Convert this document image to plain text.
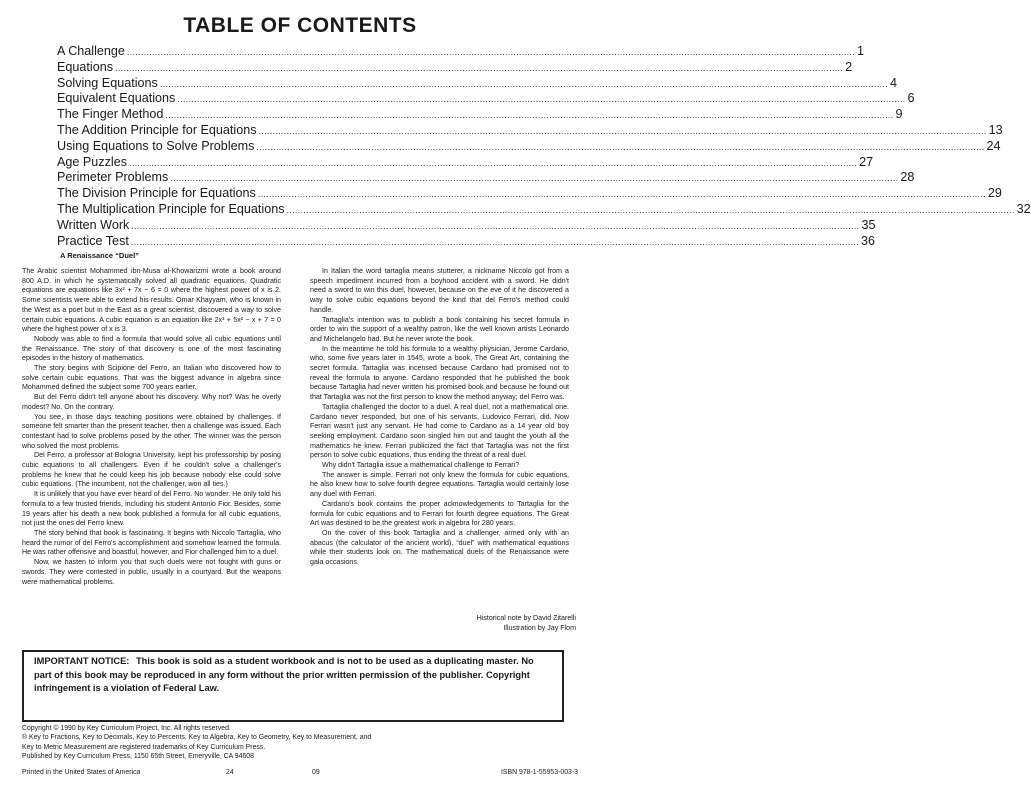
TABLE OF CONTENTS
A Challenge .................................................................................................................................................................................................................................................................... 1
Equations .................................................................................................................................................................................................................................................................... 2
Solving Equations .................................................................................................................................................................................................................................................................... 4
Equivalent Equations .................................................................................................................................................................................................................................................................... 6
The Finger Method .................................................................................................................................................................................................................................................................... 9
The Addition Principle for Equations .................................................................................................................................................................................................................................................................... 13
Using Equations to Solve Problems .................................................................................................................................................................................................................................................................... 24
Age Puzzles .................................................................................................................................................................................................................................................................... 27
Perimeter Problems .................................................................................................................................................................................................................................................................... 28
The Division Principle for Equations .................................................................................................................................................................................................................................................................... 29
The Multiplication Principle for Equations .................................................................................................................................................................................................................................................................... 32
Written Work .................................................................................................................................................................................................................................................................... 35
Practice Test .................................................................................................................................................................................................................................................................... 36
A Renaissance “Duel”

The Arabic scientist Mohammed ibn-Musa al-Khowarizmi wrote a book around 800 A.D. in which he systematically solved all quadratic equations. Quadratic equations are equations like 3x² + 7x − 6 = 0 where the highest power of x is 2. Some scientists were able to extend his results. Omar Khayyam, who is known in the West as a poet but in the East as a great scientist, discovered a way to solve certain cubic equations. A cubic equation is an equation like 2x³ + 5x² − x + 7 = 0 where the highest power of x is 3.

Nobody was able to find a formula that would solve all cubic equations until the Renaissance. The story of that discovery is one of the most fascinating episodes in the history of mathematics.

The story begins with Scipione del Ferro, an Italian who discovered how to solve certain cubic equations. That was the biggest advance in algebra since Mohammed defined the subject some 700 years earlier.

But del Ferro didn't tell anyone about his discovery. Why not? Was he overly modest? No. On the contrary.

You see, in those days teaching positions were obtained by challenges. If someone felt smarter than the present teacher, then a challenge was issued. Each contestant had to solve problems posed by the other. The winner was the person who solved the most problems.

Del Ferro, a professor at Bologna University, kept his professorship by posing cubic equations to all challengers. Even if he couldn't solve a challenger's problems he knew that he could keep his job because nobody else could solve cubic equations. (The incumbent, not the challenger, won all ties.)

It is unlikely that you have ever heard of del Ferro. No wonder. He only told his formula to a few trusted friends, including his student Antonio Fior. Besides, some 19 years after his death a new book published a formula for all cubic equations, not just the ones del Ferro knew.

The story behind that book is fascinating. It begins with Niccolo Tartaglia, who heard the rumor of del Ferro's accomplishment and somehow learned the formula. He was rather offensive and boastful, however, and Fior challenged him to a duel.

Now, we hasten to inform you that such duels were not fought with guns or swords. They were contested in public, usually in a courtyard. But the weapons were mathematical problems.

In Italian the word tartaglia means stutterer, a nickname Niccolo got from a speech impediment incurred from a boyhood accident with a sword. He didn't need a sword to win this duel, however, because on the eve of it he discovered a way to solve cubic equations beyond the kind that del Ferro's method could handle.

Tartaglia's intention was to publish a book containing his secret formula in order to win the support of a wealthy patron, like the well known artists Leonardo and Michelangelo had. But he never wrote the book.

In the meantime he told his formula to a wealthy physician, Jerome Cardano, who, some five years later in 1545, wrote a book, The Great Art, containing the secret formula. Tartaglia was incensed because Cardano had promised not to reveal the formula to anyone. Cardano responded that he published the book because Tartaglia had never written his promised book and because he found out that Tartaglia was not the first person to know the method anyway; del Ferro was.

Tartaglia challenged the doctor to a duel. A real duel, not a mathematical one. Cardano never responded, but one of his servants, Ludovico Ferrari, did. Now Ferrari wasn't just any servant. He had come to Cardano as a 14 year old boy seeking employment. Cardano soon singled him out and taught the youth all the mathematics he knew. Ferrari publicized the fact that Tartaglia was not the first person to solve cubic equations, thus ending the threat of a real duel.

Why didn't Tartaglia issue a mathematical challenge to Ferrari?

The answer is simple. Ferrari not only knew the formula for cubic equations, he also knew how to solve fourth degree equations. Tartaglia would certainly lose any duel with Ferrari.

Cardano's book contains the proper acknowledgements to Tartaglia for the formula for cubic equations and to Ferrari for fourth degree equations. The Great Art was destined to be the greatest work in algebra for 280 years.

On the cover of this book Tartaglia and a challenger, armed only with an abacus (the calculator of the ancient world), “duel” with mathematical equations while their students look on. The mathematical duels of the Renaissance were gala occasions.

Historical note by David Zitarelli
Illustration by Jay Flom
IMPORTANT NOTICE: This book is sold as a student workbook and is not to be used as a duplicating master. No part of this book may be reproduced in any form without the prior written permission of the publisher. Copyright infringement is a violation of Federal Law.
Copyright © 1990 by Key Curriculum Project, Inc. All rights reserved.
® Key to Fractions, Key to Decimals, Key to Percents, Key to Algebra, Key to Geometry, Key to Measurement, and
Key to Metric Measurement are registered trademarks of Key Curriculum Press.
Published by Key Curriculum Press, 1150 65th Street, Emeryville, CA 94608
Printed in the United States of America	24	09	ISBN 978-1-55953-003-3
